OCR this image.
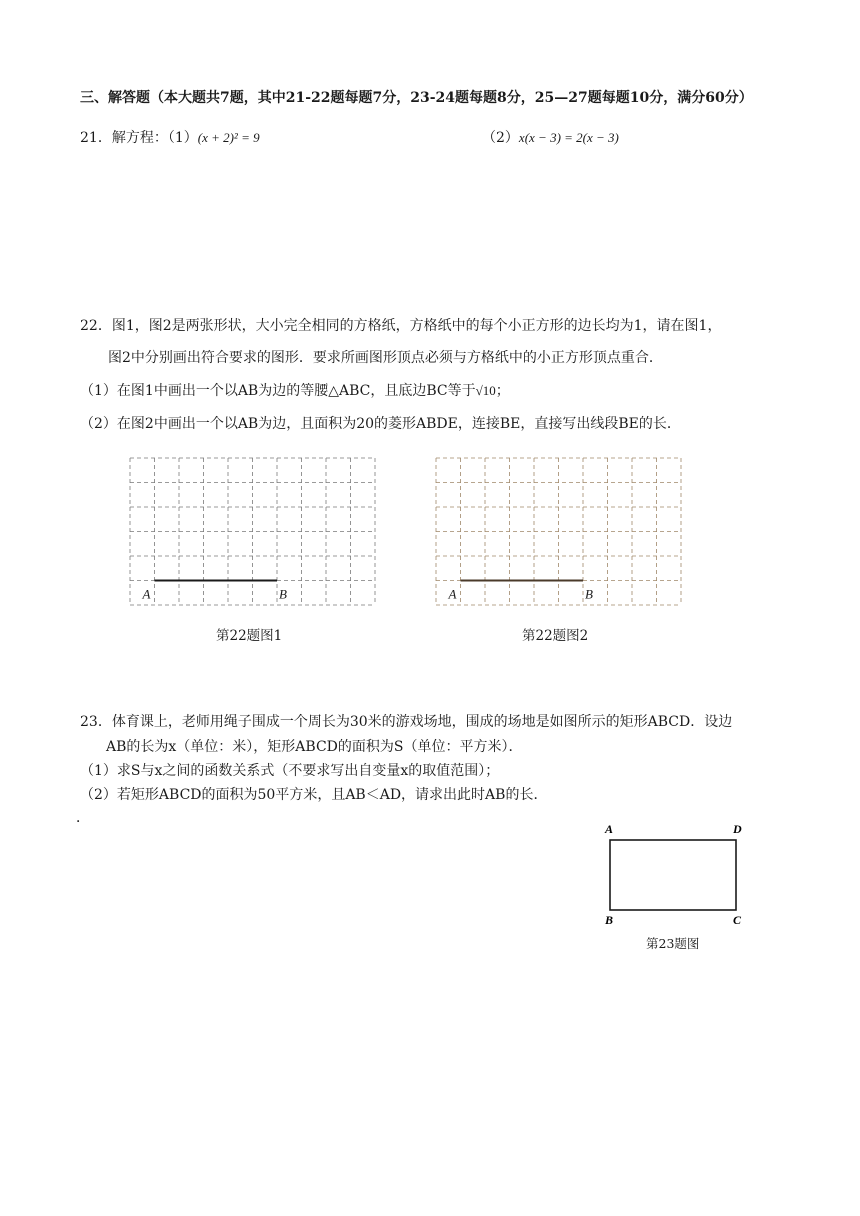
三、解答题（本大题共7题，其中21-22题每题7分，23-24题每题8分，25—27题每题10分，满分60分）
21．解方程：（1）(x + 2)² = 9	（2）x(x − 3) = 2(x − 3)
22．图1，图2是两张形状，大小完全相同的方格纸，方格纸中的每个小正方形的边长均为1，请在图1，
图2中分别画出符合要求的图形．要求所画图形顶点必须与方格纸中的小正方形顶点重合．
（1）在图1中画出一个以AB为边的等腰△ABC，且底边BC等于√10；
（2）在图2中画出一个以AB为边，且面积为20的菱形ABDE，连接BE，直接写出线段BE的长．
A	B
第22题图1
A	B
第22题图2
23．体育课上，老师用绳子围成一个周长为30米的游戏场地，围成的场地是如图所示的矩形ABCD．设边
AB的长为x（单位：米），矩形ABCD的面积为S（单位：平方米）．
（1）求S与x之间的函数关系式（不要求写出自变量x的取值范围）；
（2）若矩形ABCD的面积为50平方米，且AB＜AD，请求出此时AB的长．
．
A	D
B	C
第23题图
